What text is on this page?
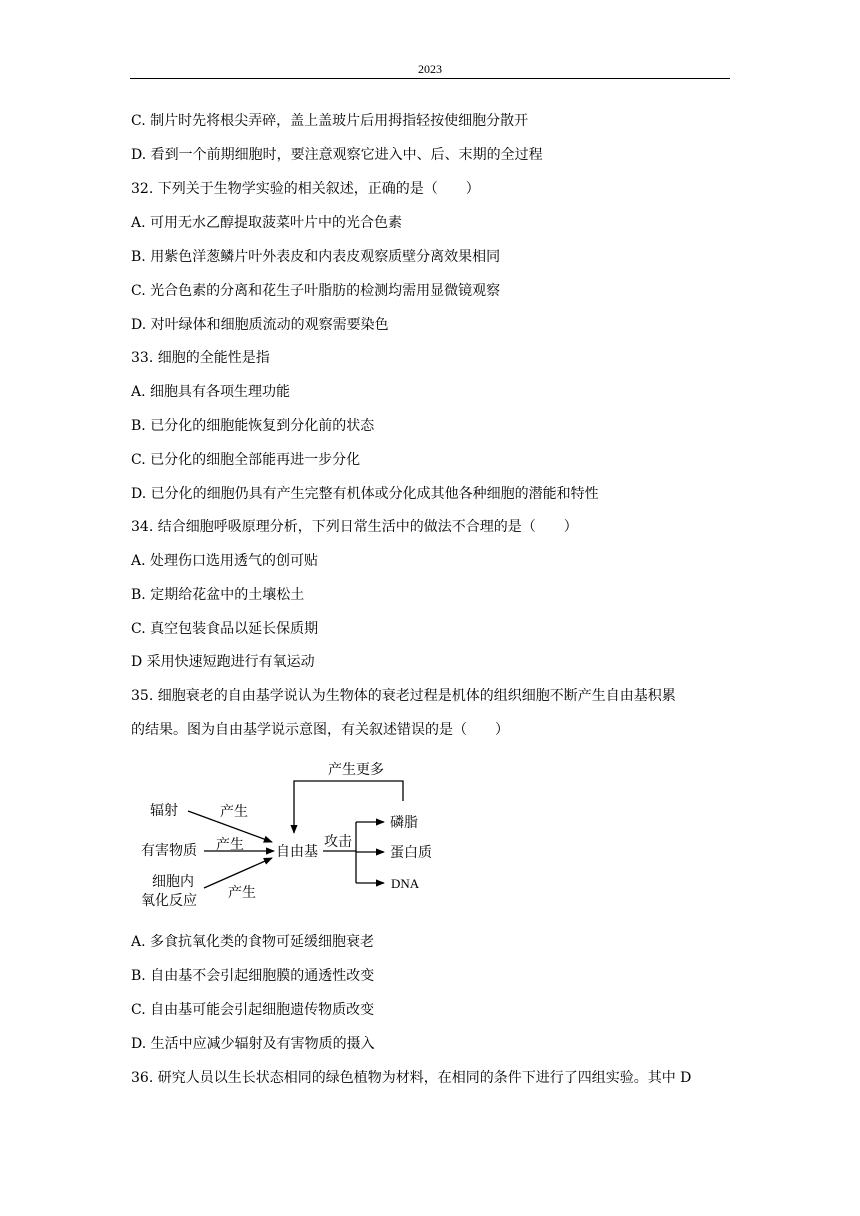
2023
C. 制片时先将根尖弄碎，盖上盖玻片后用拇指轻按使细胞分散开
D. 看到一个前期细胞时，要注意观察它进入中、后、末期的全过程
32. 下列关于生物学实验的相关叙述，正确的是（　　）
A. 可用无水乙醇提取菠菜叶片中的光合色素
B. 用紫色洋葱鳞片叶外表皮和内表皮观察质壁分离效果相同
C. 光合色素的分离和花生子叶脂肪的检测均需用显微镜观察
D. 对叶绿体和细胞质流动的观察需要染色
33. 细胞的全能性是指
A. 细胞具有各项生理功能
B. 已分化的细胞能恢复到分化前的状态
C. 已分化的细胞全部能再进一步分化
D. 已分化的细胞仍具有产生完整有机体或分化成其他各种细胞的潜能和特性
34. 结合细胞呼吸原理分析，下列日常生活中的做法不合理的是（　　）
A. 处理伤口选用透气的创可贴
B. 定期给花盆中的土壤松土
C. 真空包装食品以延长保质期
D 采用快速短跑进行有氧运动
35. 细胞衰老的自由基学说认为生物体的衰老过程是机体的组织细胞不断产生自由基积累
的结果。图为自由基学说示意图，有关叙述错误的是（　　）
产生更多
辐射	产生
有害物质 产生
细胞内
氧化反应 产生
自由基
攻击
磷脂
蛋白质
DNA
A. 多食抗氧化类的食物可延缓细胞衰老
B. 自由基不会引起细胞膜的通透性改变
C. 自由基可能会引起细胞遗传物质改变
D. 生活中应减少辐射及有害物质的摄入
36. 研究人员以生长状态相同的绿色植物为材料，在相同的条件下进行了四组实验。其中 D
